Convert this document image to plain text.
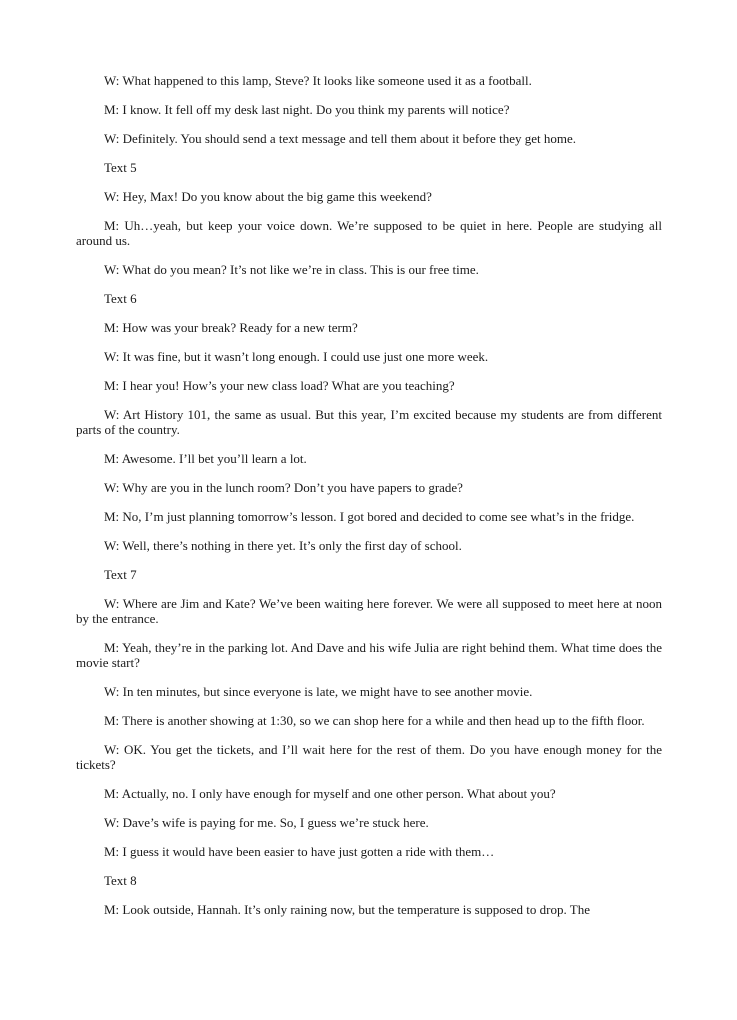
W: What happened to this lamp, Steve? It looks like someone used it as a football.

M: I know. It fell off my desk last night. Do you think my parents will notice?

W: Definitely. You should send a text message and tell them about it before they get home.

Text 5

W: Hey, Max! Do you know about the big game this weekend?

M: Uh…yeah, but keep your voice down. We’re supposed to be quiet in here. People are studying all around us.

W: What do you mean? It’s not like we’re in class. This is our free time.

Text 6

M: How was your break? Ready for a new term?

W: It was fine, but it wasn’t long enough. I could use just one more week.

M: I hear you! How’s your new class load? What are you teaching?

W: Art History 101, the same as usual. But this year, I’m excited because my students are from different parts of the country.

M: Awesome. I’ll bet you’ll learn a lot.

W: Why are you in the lunch room? Don’t you have papers to grade?

M: No, I’m just planning tomorrow’s lesson. I got bored and decided to come see what’s in the fridge.

W: Well, there’s nothing in there yet. It’s only the first day of school.

Text 7

W: Where are Jim and Kate? We’ve been waiting here forever. We were all supposed to meet here at noon by the entrance.

M: Yeah, they’re in the parking lot. And Dave and his wife Julia are right behind them. What time does the movie start?

W: In ten minutes, but since everyone is late, we might have to see another movie.

M: There is another showing at 1:30, so we can shop here for a while and then head up to the fifth floor.

W: OK. You get the tickets, and I’ll wait here for the rest of them. Do you have enough money for the tickets?

M: Actually, no. I only have enough for myself and one other person. What about you?

W: Dave’s wife is paying for me. So, I guess we’re stuck here.

M: I guess it would have been easier to have just gotten a ride with them…

Text 8

M: Look outside, Hannah. It’s only raining now, but the temperature is supposed to drop. The
